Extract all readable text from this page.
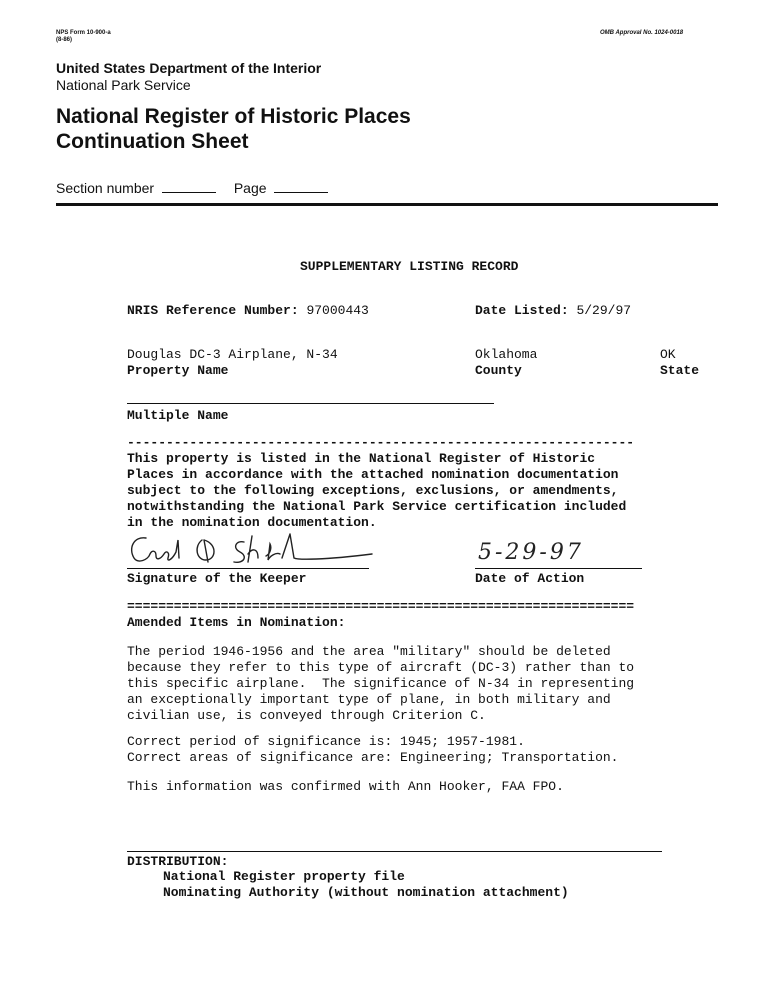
NPS Form 10-900-a
(8-86)
OMB Approval No. 1024-0018
United States Department of the Interior
National Park Service
National Register of Historic Places
Continuation Sheet
Section number	Page
SUPPLEMENTARY LISTING RECORD
NRIS Reference Number: 97000443	Date Listed: 5/29/97
Douglas DC-3 Airplane, N-34
Property Name
Oklahoma
County
OK
State
Multiple Name
-----------------------------------------------------------------
This property is listed in the National Register of Historic
Places in accordance with the attached nomination documentation
subject to the following exceptions, exclusions, or amendments,
notwithstanding the National Park Service certification included
in the nomination documentation.
Signature of the Keeper
5-29-97
Date of Action
=================================================================
Amended Items in Nomination:
The period 1946-1956 and the area "military" should be deleted
because they refer to this type of aircraft (DC-3) rather than to
this specific airplane.  The significance of N-34 in representing
an exceptionally important type of plane, in both military and
civilian use, is conveyed through Criterion C.
Correct period of significance is: 1945; 1957-1981.
Correct areas of significance are: Engineering; Transportation.
This information was confirmed with Ann Hooker, FAA FPO.
DISTRIBUTION:
National Register property file
Nominating Authority (without nomination attachment)
